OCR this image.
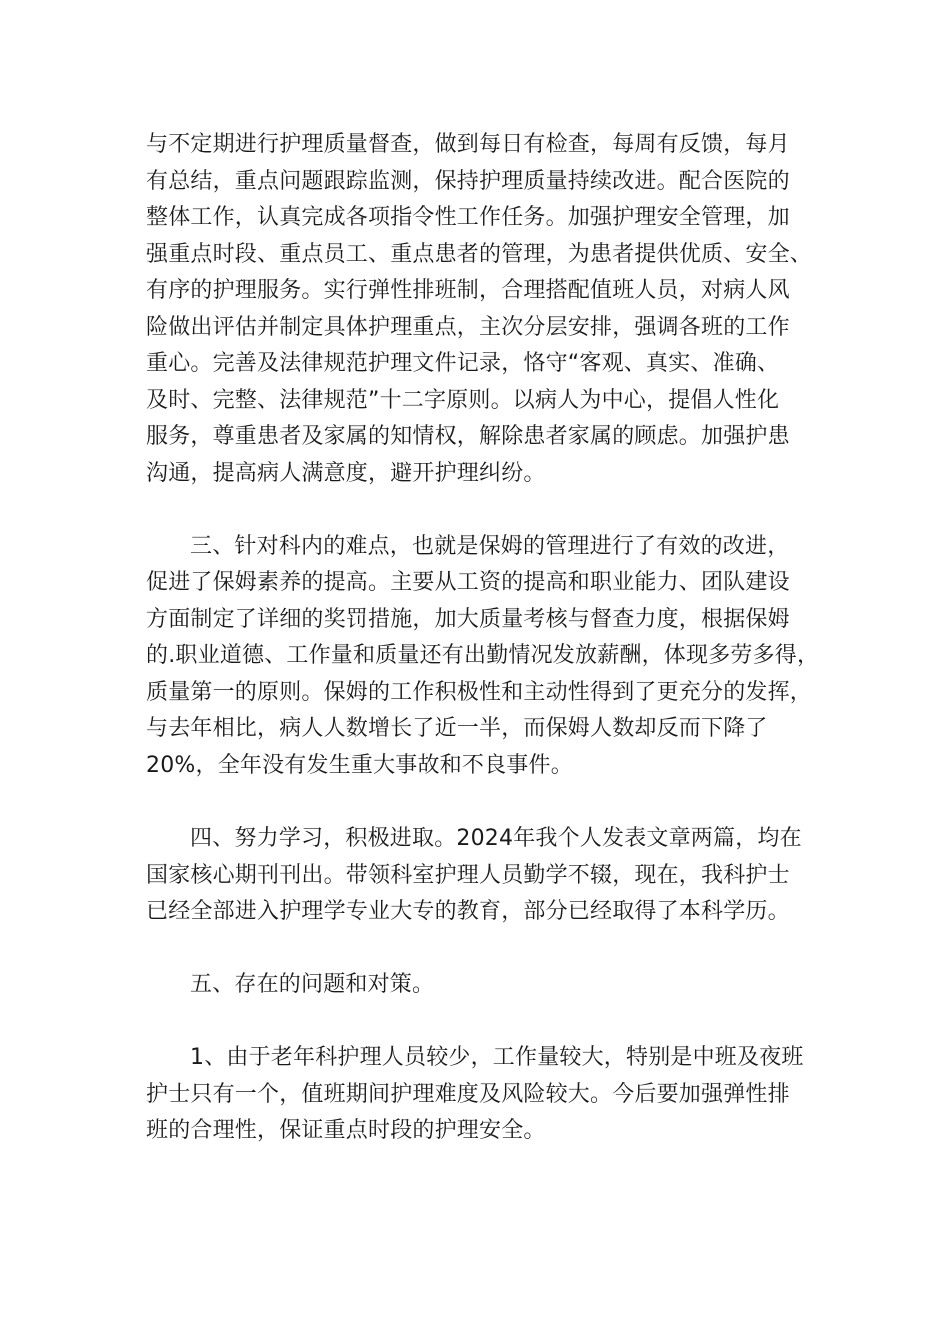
与不定期进行护理质量督查，做到每日有检查，每周有反馈，每月
有总结，重点问题跟踪监测，保持护理质量持续改进。配合医院的
整体工作，认真完成各项指令性工作任务。加强护理安全管理，加
强重点时段、重点员工、重点患者的管理，为患者提供优质、安全、
有序的护理服务。实行弹性排班制，合理搭配值班人员，对病人风
险做出评估并制定具体护理重点，主次分层安排，强调各班的工作
重心。完善及法律规范护理文件记录，恪守“客观、真实、准确、
及时、完整、法律规范”十二字原则。以病人为中心，提倡人性化
服务，尊重患者及家属的知情权，解除患者家属的顾虑。加强护患
沟通，提高病人满意度，避开护理纠纷。
三、针对科内的难点，也就是保姆的管理进行了有效的改进，
促进了保姆素养的提高。主要从工资的提高和职业能力、团队建设
方面制定了详细的奖罚措施，加大质量考核与督查力度，根据保姆
的.职业道德、工作量和质量还有出勤情况发放薪酬，体现多劳多得，
质量第一的原则。保姆的工作积极性和主动性得到了更充分的发挥，
与去年相比，病人人数增长了近一半，而保姆人数却反而下降了
20%，全年没有发生重大事故和不良事件。
四、努力学习，积极进取。2024年我个人发表文章两篇，均在
国家核心期刊刊出。带领科室护理人员勤学不辍，现在，我科护士
已经全部进入护理学专业大专的教育，部分已经取得了本科学历。
五、存在的问题和对策。
1、由于老年科护理人员较少，工作量较大，特别是中班及夜班
护士只有一个，值班期间护理难度及风险较大。今后要加强弹性排
班的合理性，保证重点时段的护理安全。
